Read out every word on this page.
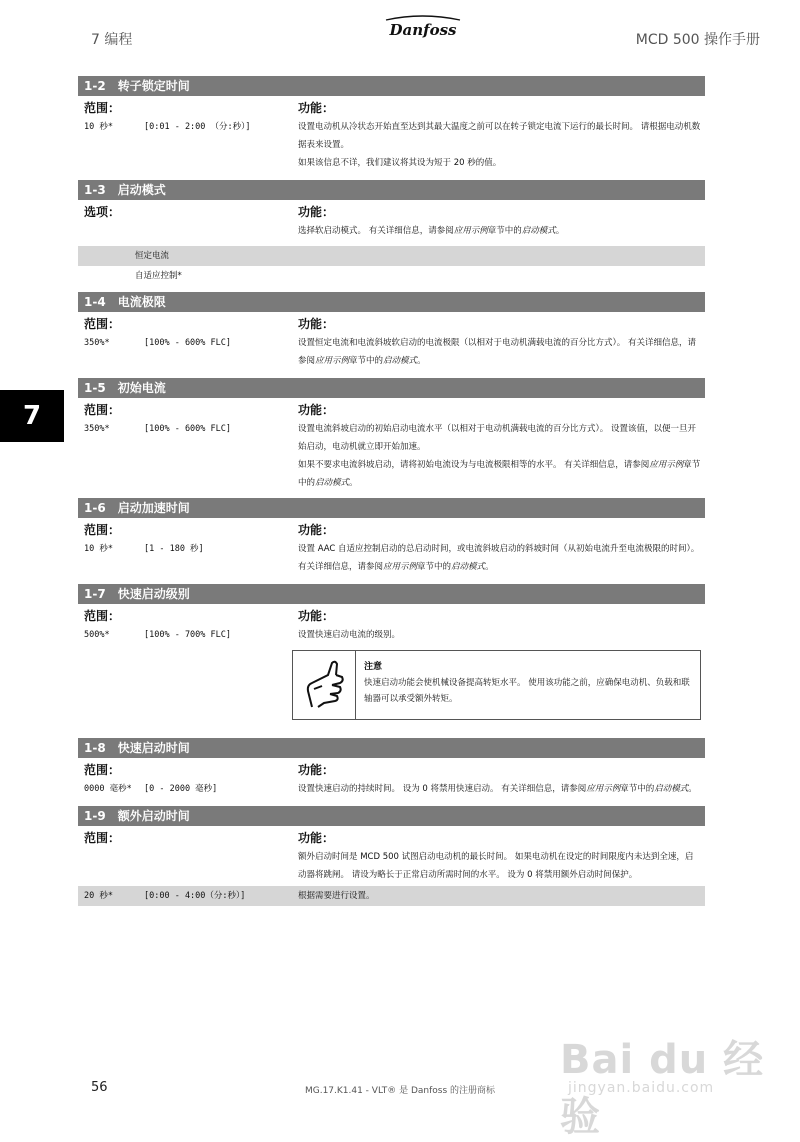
7 编程
Danfoss
MCD 500 操作手册
7
1-2 转子锁定时间
范围：	功能：
10 秒*	[0:01 - 2:00 （分:秒）]	设置电动机从冷状态开始直至达到其最大温度之前可以在转子锁定电流下运行的最长时间。 请根据电动机数据表来设置。

如果该信息不详，我们建议将其设为短于 20 秒的值。

1-3 启动模式
选项：	功能：

选择软启动模式。 有关详细信息，请参阅应用示例章节中的启动模式。

恒定电流
自适应控制*
1-4 电流极限
范围：	功能：
350%*	[100% - 600% FLC]	设置恒定电流和电流斜坡软启动的电流极限（以相对于电动机满载电流的百分比方式）。 有关详细信息，请参阅应用示例章节中的启动模式。

1-5 初始电流
范围：	功能：
350%*	[100% - 600% FLC]	设置电流斜坡启动的初始启动电流水平（以相对于电动机满载电流的百分比方式）。 设置该值，以便一旦开始启动，电动机就立即开始加速。

如果不要求电流斜坡启动，请将初始电流设为与电流极限相等的水平。 有关详细信息，请参阅应用示例章节中的启动模式。

1-6 启动加速时间
范围：	功能：
10 秒*	[1 - 180 秒]	设置 AAC 自适应控制启动的总启动时间，或电流斜坡启动的斜坡时间（从初始电流升至电流极限的时间）。 有关详细信息，请参阅应用示例章节中的启动模式。

1-7 快速启动级别
范围：	功能：
500%*	[100% - 700% FLC]	设置快速启动电流的级别。
注意
快速启动功能会使机械设备提高转矩水平。 使用该功能之前，应确保电动机、负载和联轴器可以承受额外转矩。
1-8 快速启动时间
范围：	功能：
0000 毫秒*	[0 - 2000 毫秒]	设置快速启动的持续时间。 设为 0 将禁用快速启动。 有关详细信息，请参阅应用示例章节中的启动模式。

1-9 额外启动时间
范围：	功能：
额外启动时间是 MCD 500 试图启动电动机的最长时间。 如果电动机在设定的时间限度内未达到全速，启动器将跳闸。 请设为略长于正常启动所需时间的水平。 设为 0 将禁用额外启动时间保护。
20 秒*	[0:00 - 4:00（分:秒）]	根据需要进行设置。
Bai du 经验
jingyan.baidu.com
56	MG.17.K1.41 - VLT® 是 Danfoss 的注册商标
